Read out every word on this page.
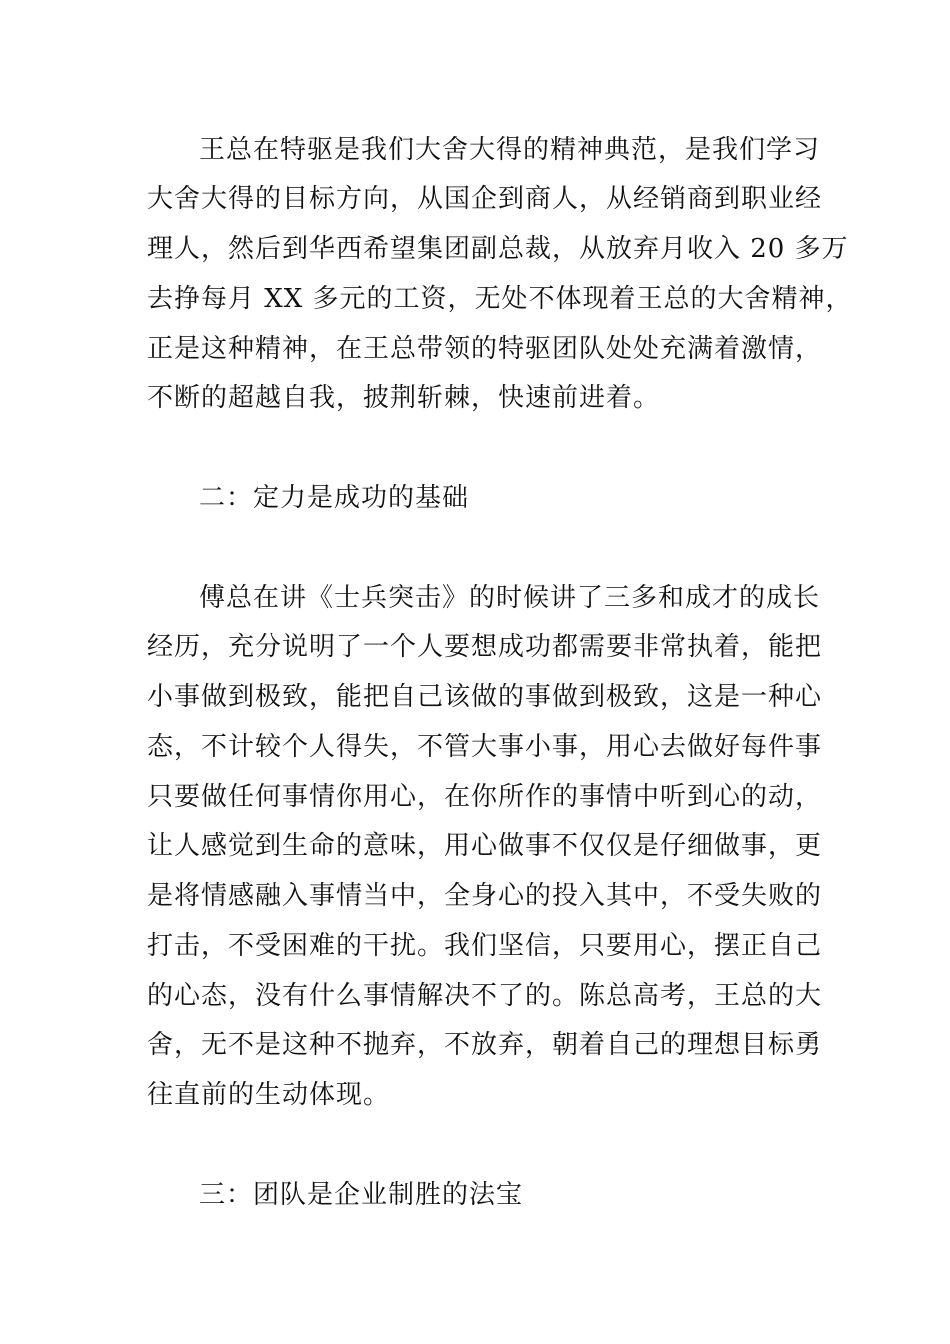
王总在特驱是我们大舍大得的精神典范，是我们学习
大舍大得的目标方向，从国企到商人，从经销商到职业经
理人，然后到华西希望集团副总裁，从放弃月收入 20 多万
去挣每月 XX 多元的工资，无处不体现着王总的大舍精神，
正是这种精神，在王总带领的特驱团队处处充满着激情，
不断的超越自我，披荆斩棘，快速前进着。
二：定力是成功的基础
傅总在讲《士兵突击》的时候讲了三多和成才的成长
经历，充分说明了一个人要想成功都需要非常执着，能把
小事做到极致，能把自己该做的事做到极致，这是一种心
态，不计较个人得失，不管大事小事，用心去做好每件事
只要做任何事情你用心，在你所作的事情中听到心的动，
让人感觉到生命的意味，用心做事不仅仅是仔细做事，更
是将情感融入事情当中，全身心的投入其中，不受失败的
打击，不受困难的干扰。我们坚信，只要用心，摆正自己
的心态，没有什么事情解决不了的。陈总高考，王总的大
舍，无不是这种不抛弃，不放弃，朝着自己的理想目标勇
往直前的生动体现。
三：团队是企业制胜的法宝
